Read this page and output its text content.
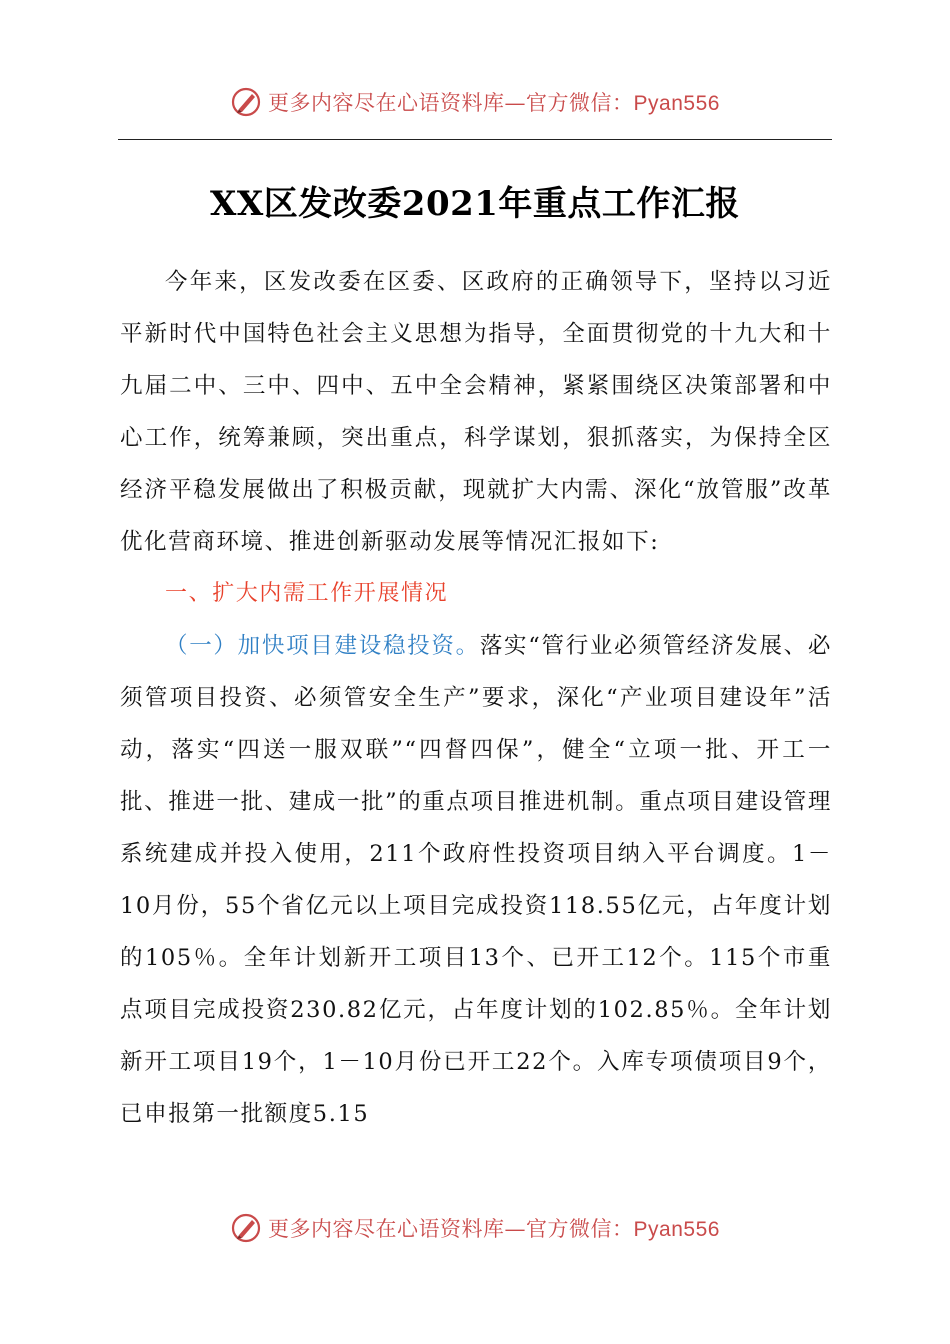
更多内容尽在心语资料库—官方微信：Pyan556
XX区发改委2021年重点工作汇报

今年来，区发改委在区委、区政府的正确领导下，坚持以习近平新时代中国特色社会主义思想为指导，全面贯彻党的十九大和十九届二中、三中、四中、五中全会精神，紧紧围绕区决策部署和中心工作，统筹兼顾，突出重点，科学谋划，狠抓落实，为保持全区经济平稳发展做出了积极贡献，现就扩大内需、深化“放管服”改革优化营商环境、推进创新驱动发展等情况汇报如下:

一、扩大内需工作开展情况

（一）加快项目建设稳投资。落实“管行业必须管经济发展、必须管项目投资、必须管安全生产”要求，深化“产业项目建设年”活动，落实“四送一服双联”“四督四保”，健全“立项一批、开工一批、推进一批、建成一批”的重点项目推进机制。重点项目建设管理系统建成并投入使用，211个政府性投资项目纳入平台调度。1－10月份，55个省亿元以上项目完成投资118.55亿元，占年度计划的105％。全年计划新开工项目13个、已开工12个。115个市重点项目完成投资230.82亿元，占年度计划的102.85％。全年计划新开工项目19个，1－10月份已开工22个。入库专项债项目9个，已申报第一批额度5.15

更多内容尽在心语资料库—官方微信：Pyan556
